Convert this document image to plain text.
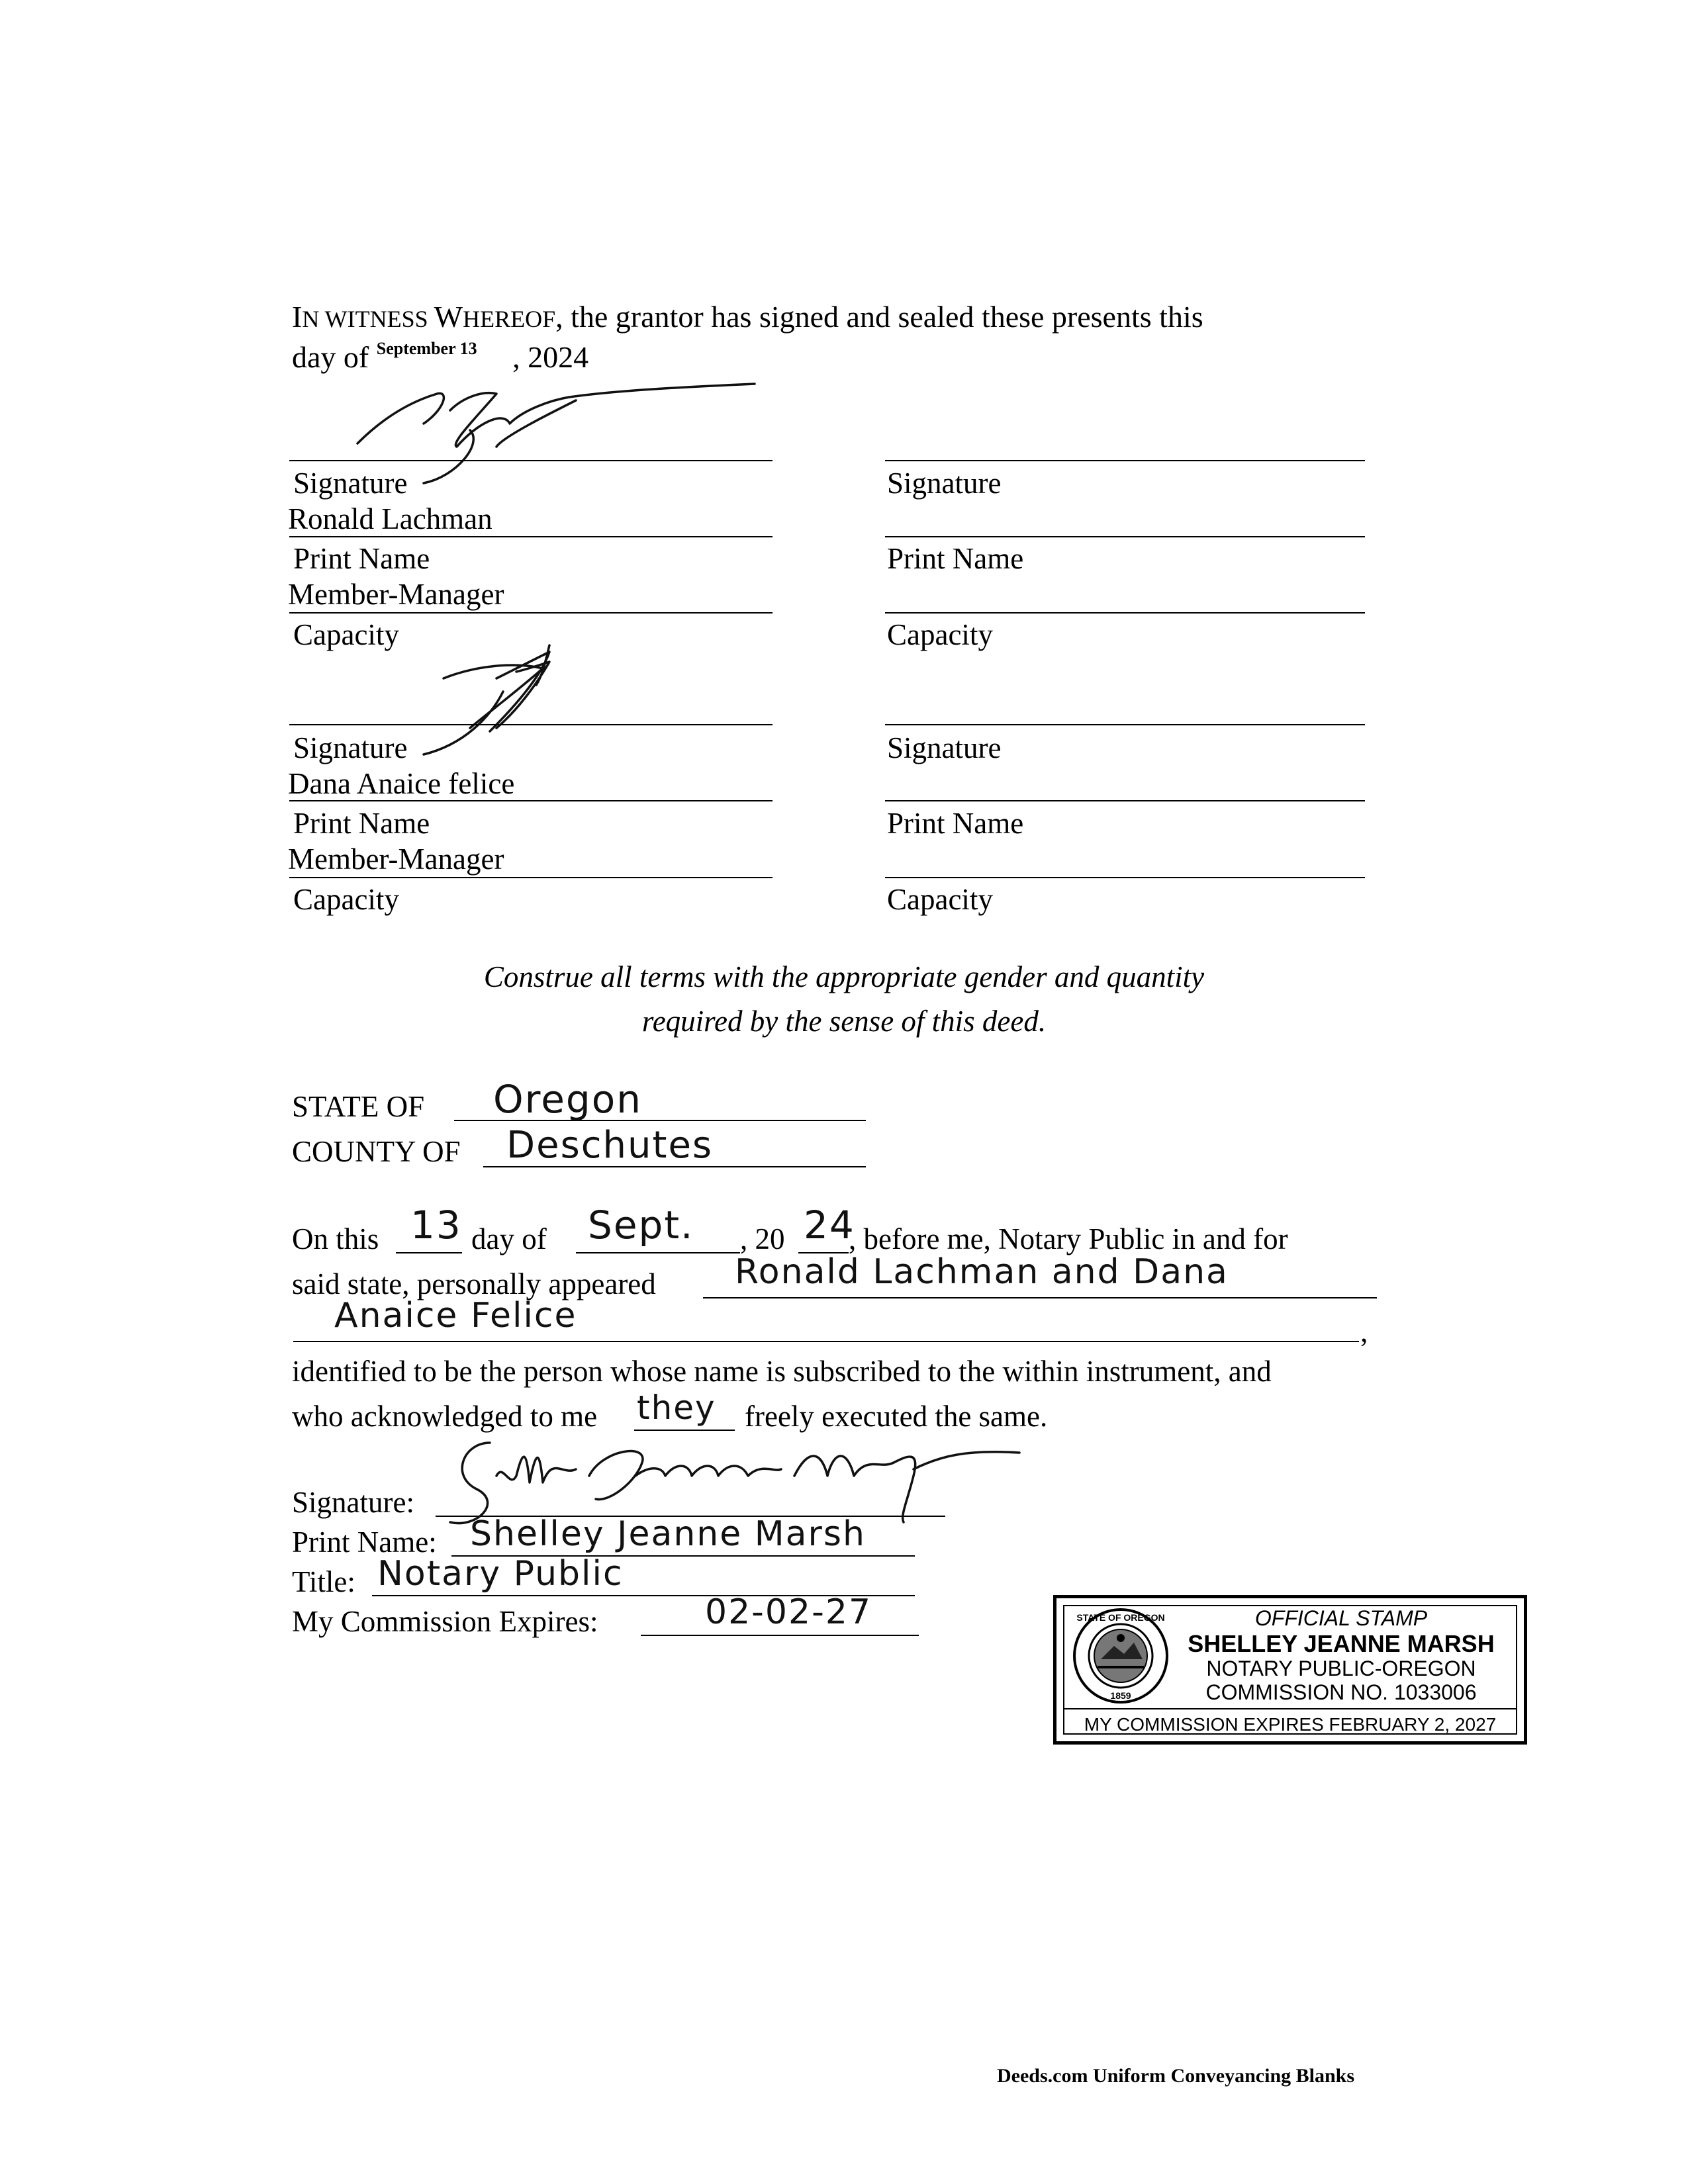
IN WITNESS WHEREOF, the grantor has signed and sealed these presents this
day of $^{September 13}$ , 2024
Signature
Ronald Lachman
Print Name
Member-Manager
Capacity
Signature
Dana Anaice felice
Print Name
Member-Manager
Capacity
Signature
Print Name
Capacity
Signature
Print Name
Capacity
Construe all terms with the appropriate gender and quantity
required by the sense of this deed.
STATE OF Oregon
COUNTY OF Deschutes
On this 13 day of Sept. , 20 24
, before me, Notary Public in and for
said state, personally appeared Ronald Lachman and Dana
Anaice Felice	,
identified to be the person whose name is subscribed to the within instrument, and
who acknowledged to me they freely executed the same.
Signature:
Print Name: Shelley Jeanne Marsh
Title: Notary Public
My Commission Expires:	02-02-27	STATE OF OREGON
1859
OFFICIAL STAMP
SHELLEY JEANNE MARSH
NOTARY PUBLIC-OREGON
COMMISSION NO. 1033006
MY COMMISSION EXPIRES FEBRUARY 2, 2027
Deeds.com Uniform Conveyancing Blanks
